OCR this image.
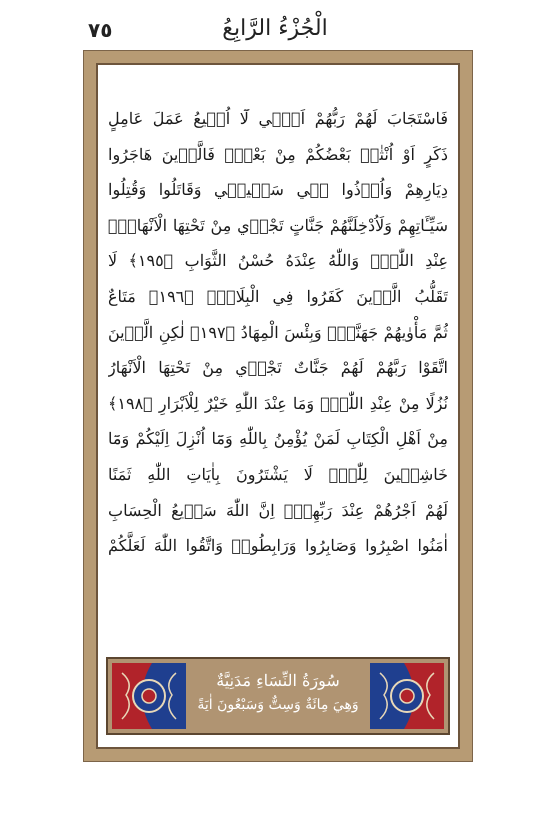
الْجُزْءُ الرَّابِعُ
٧٥
فَاسْتَجَابَ لَهُمْ رَبُّهُمْ اَنّ۪ي لَٓا اُض۪يعُ عَمَلَ عَامِلٍ
ذَكَرٍ اَوْ اُنْثٰىۚ بَعْضُكُمْ مِنْ بَعْضٍۚ فَالَّذ۪ينَ هَاجَرُوا
دِيَارِهِمْ وَاُو۫ذُوا ف۪ي سَب۪يل۪ي وَقَاتَلُوا وَقُتِلُوا
سَيِّـَٔاتِهِمْ وَلَاُدْخِلَنَّهُمْ جَنَّاتٍ تَجْر۪ي مِنْ تَحْتِهَا الْاَنْهَارُۚ
عِنْدِ اللّٰهِۜ وَاللّٰهُ عِنْدَهُ حُسْنُ الثَّوَابِ ﴿١٩٥﴾ لَا
تَقَلُّبُ الَّذ۪ينَ كَفَرُوا فِي الْبِلَادِۜ ﴿١٩٦﴾ مَتَاعٌ
ثُمَّ مَأْوٰيهُمْ جَهَنَّمُۜ وَبِئْسَ الْمِهَادُ ﴿١٩٧﴾ لٰكِنِ الَّذ۪ينَ
اتَّقَوْا رَبَّهُمْ لَهُمْ جَنَّاتٌ تَجْر۪ي مِنْ تَحْتِهَا الْاَنْهَارُ
نُزُلًا مِنْ عِنْدِ اللّٰهِۜ وَمَا عِنْدَ اللّٰهِ خَيْرٌ لِلْاَبْرَارِ ﴿١٩٨﴾
مِنْ اَهْلِ الْكِتَابِ لَمَنْ يُؤْمِنُ بِاللّٰهِ وَمَٓا اُنْزِلَ اِلَيْكُمْ وَمَٓا
خَاشِع۪ينَ لِلّٰهِۙ لَا يَشْتَرُونَ بِاٰيَاتِ اللّٰهِ ثَمَنًا
لَهُمْ اَجْرُهُمْ عِنْدَ رَبِّهِمْۜ اِنَّ اللّٰهَ سَر۪يعُ الْحِسَابِ
اٰمَنُوا اصْبِرُوا وَصَابِرُوا وَرَابِطُواࣞ وَاتَّقُوا اللّٰهَ لَعَلَّكُمْ
سُورَةُ النِّسَاءِ مَدَنِيَّةٌ
وَهِيَ مِائَةٌ وَسِتٌّ وَسَبْعُونَ اٰيَةً
